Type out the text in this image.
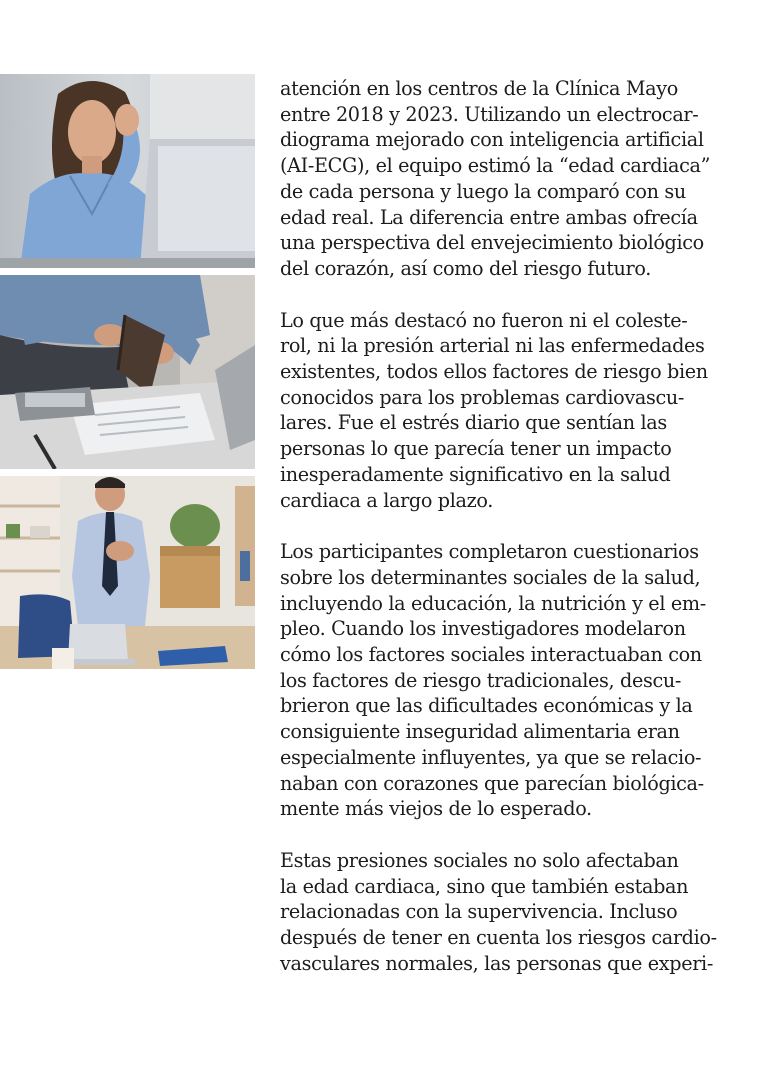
atención en los centros de la Clínica Mayo
entre 2018 y 2023. Utilizando un electrocar-
diograma mejorado con inteligencia artificial
(AI-ECG), el equipo estimó la “edad cardiaca”
de cada persona y luego la comparó con su
edad real. La diferencia entre ambas ofrecía
una perspectiva del envejecimiento biológico
del corazón, así como del riesgo futuro.
Lo que más destacó no fueron ni el coleste-
rol, ni la presión arterial ni las enfermedades
existentes, todos ellos factores de riesgo bien
conocidos para los problemas cardiovascu-
lares. Fue el estrés diario que sentían las
personas lo que parecía tener un impacto
inesperadamente significativo en la salud
cardiaca a largo plazo.
Los participantes completaron cuestionarios
sobre los determinantes sociales de la salud,
incluyendo la educación, la nutrición y el em-
pleo. Cuando los investigadores modelaron
cómo los factores sociales interactuaban con
los factores de riesgo tradicionales, descu-
brieron que las dificultades económicas y la
consiguiente inseguridad alimentaria eran
especialmente influyentes, ya que se relacio-
naban con corazones que parecían biológica-
mente más viejos de lo esperado.
Estas presiones sociales no solo afectaban
la edad cardiaca, sino que también estaban
relacionadas con la supervivencia. Incluso
después de tener en cuenta los riesgos cardio-
vasculares normales, las personas que experi-
